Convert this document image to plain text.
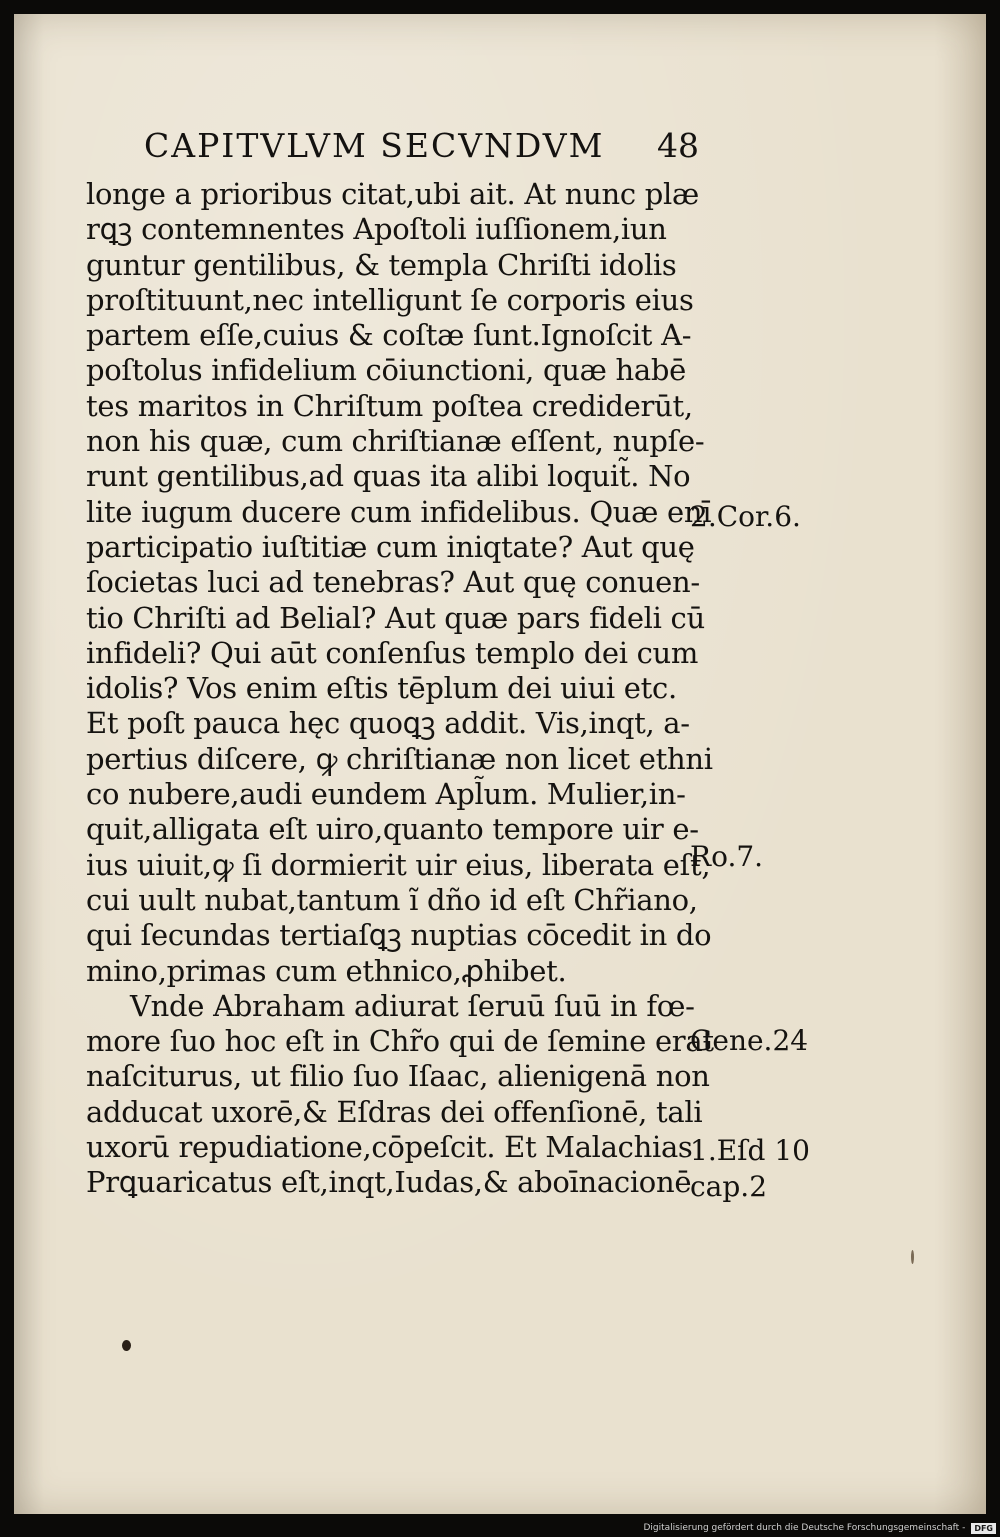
CAPITVLVM SECVNDVM	48
longe a prioribus citat,ubi ait. At nunc plæ
rꝗꝫ contemnentes Apoſtoli iuſſionem,iun
guntur gentilibus, & templa Chriſti idolis
proſtituunt,nec intelligunt ſe corporis eius
partem eſſe,cuius & coſtæ ſunt.Ignoſcit A-
poſtolus infidelium cōiunctioni, quæ habē
tes maritos in Chriſtum poſtea crediderūt,
non his quæ, cum chriſtianæ eſſent, nupſe-
runt gentilibus,ad quas ita alibi loquit̃. No
lite iugum ducere cum infidelibus. Quæ enī
participatio iuſtitiæ cum iniqtate? Aut quę
ſocietas luci ad tenebras? Aut quę conuen-
tio Chriſti ad Belial? Aut quæ pars fideli cū
infideli? Qui aūt conſenſus templo dei cum
idolis? Vos enim eſtis tēplum dei uiui etc.
Et poſt pauca hęc quoꝗꝫ addit. Vis,inqt, a-
pertius diſcere, ꝙ chriſtianæ non licet ethni
co nubere,audi eundem Apl̃um. Mulier,in-
quit,alligata eſt uiro,quanto tempore uir e-
ius uiuit,ꝙ ſi dormierit uir eius, liberata eſt,
cui uult nubat,tantum ĩ dño id eſt Chr̃iano,
qui ſecundas tertiaſꝗꝫ nuptias cōcedit in do
mino,primas cum ethnico,ꝓhibet.
Vnde Abraham adiurat ſeruū ſuū in fœ-
more ſuo hoc eſt in Chr̃o qui de ſemine erat
naſciturus, ut filio ſuo Iſaac, alienigenā non
adducat uxorē,& Eſdras dei offenſionē, tali
uxorū repudiatione,cōpeſcit. Et Malachias
Prꝗuaricatus eſt,inqt,Iudas,& aboīnacionē
2.Cor.6.
Ro.7.
Gene.24
1.Eſd 10
cap.2
Digitalisierung gefördert durch die Deutsche Forschungsgemeinschaft -	DFG
